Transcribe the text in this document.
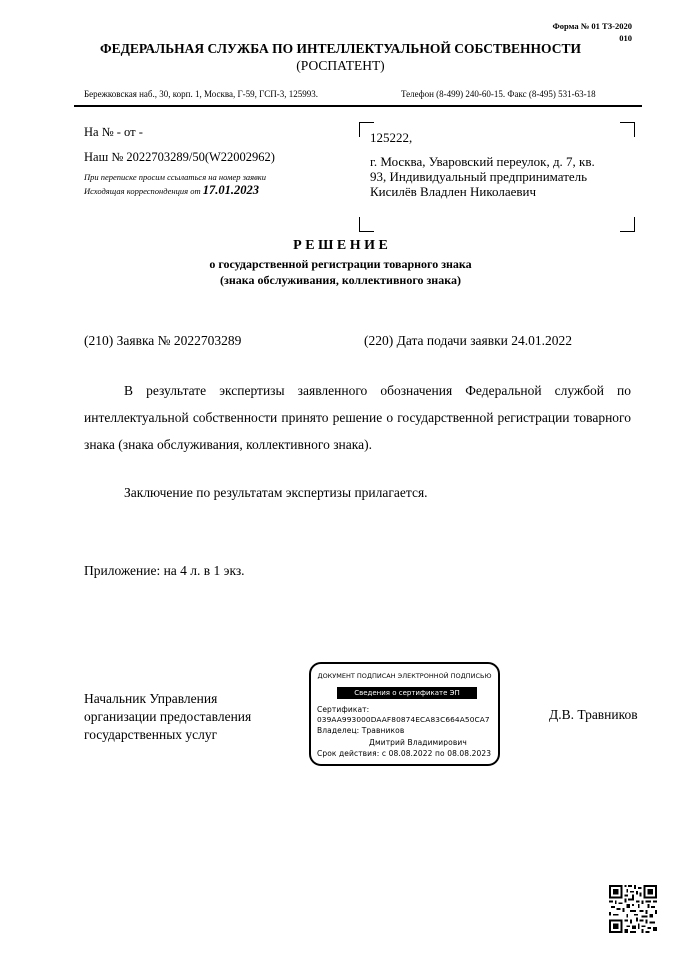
Форма № 01 ТЗ-2020
010
ФЕДЕРАЛЬНАЯ СЛУЖБА ПО ИНТЕЛЛЕКТУАЛЬНОЙ СОБСТВЕННОСТИ
(РОСПАТЕНТ)
Бережковская наб., 30, корп. 1, Москва, Г-59, ГСП-3, 125993.	Телефон (8-499) 240-60-15. Факс (8-495) 531-63-18
На № - от -
Наш № 2022703289/50(W22002962)
При переписке просим ссылаться на номер заявки
Исходящая корреспонденция от 17.01.2023
125222,
г. Москва, Уваровский переулок, д. 7, кв.
93, Индивидуальный предприниматель
Кисилёв Владлен Николаевич
Р Е Ш Е Н И Е
о государственной регистрации товарного знака
(знака обслуживания, коллективного знака)
(210) Заявка № 2022703289	(220) Дата подачи заявки 24.01.2022
В результате экспертизы заявленного обозначения Федеральной службой по интеллектуальной собственности принято решение о государственной регистрации товарного знака (знака обслуживания, коллективного знака).
Заключение по результатам экспертизы прилагается.
Приложение: на 4 л. в 1 экз.
Начальник Управления
организации предоставления
государственных услуг
Д.В. Травников
ДОКУМЕНТ ПОДПИСАН ЭЛЕКТРОННОЙ ПОДПИСЬЮ
Сведения о сертификате ЭП
Сертификат:
039AA993000DAAF80874ECA83C664A50CA7
Владелец: Травников
Дмитрий Владимирович
Срок действия: с 08.08.2022 по 08.08.2023
